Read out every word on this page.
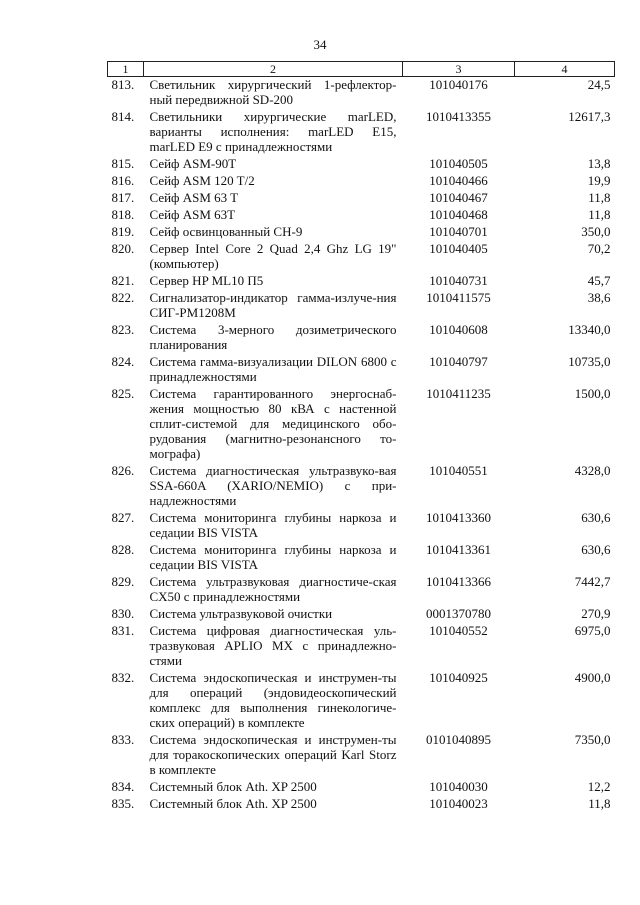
34
1	2	3	4
813.	Светильник хирургический 1-рефлектор-ный передвижной SD-200	101040176	24,5
814.	Светильники хирургические marLED, варианты исполнения: marLED E15, marLED E9 с принадлежностями	1010413355	12617,3
815.	Сейф ASM-90T	101040505	13,8
816.	Сейф ASM 120 T/2	101040466	19,9
817.	Сейф ASM 63 T	101040467	11,8
818.	Сейф ASM 63T	101040468	11,8
819.	Сейф освинцованный СН-9	101040701	350,0
820.	Сервер Intel Core 2 Quad 2,4 Ghz LG 19" (компьютер)	101040405	70,2
821.	Сервер HP ML10 П5	101040731	45,7
822.	Сигнализатор-индикатор гамма-излуче-ния СИГ-РМ1208М	1010411575	38,6
823.	Система 3-мерного дозиметрического планирования	101040608	13340,0
824.	Система гамма-визуализации DILON 6800 с принадлежностями	101040797	10735,0
825.	Система гарантированного энергоснаб-жения мощностью 80 кВА с настенной сплит-системой для медицинского обо-рудования (магнитно-резонансного то-мографа)	1010411235	1500,0
826.	Система диагностическая ультразвуко-вая SSA-660A (XARIO/NEMIO) с при-надлежностями	101040551	4328,0
827.	Система мониторинга глубины наркоза и седации BIS VISTA	1010413360	630,6
828.	Система мониторинга глубины наркоза и седации BIS VISTA	1010413361	630,6
829.	Система ультразвуковая диагностиче-ская CX50 с принадлежностями	1010413366	7442,7
830.	Система ультразвуковой очистки	0001370780	270,9
831.	Система цифровая диагностическая уль-тразвуковая APLIO MX с принадлежно-стями	101040552	6975,0
832.	Система эндоскопическая и инструмен-ты для операций (эндовидеоскопический комплекс для выполнения гинекологиче-ских операций) в комплекте	101040925	4900,0
833.	Система эндоскопическая и инструмен-ты для торакоскопических операций Karl Storz в комплекте	0101040895	7350,0
834.	Системный блок Ath. XP 2500	101040030	12,2
835.	Системный блок Ath. XP 2500	101040023	11,8
